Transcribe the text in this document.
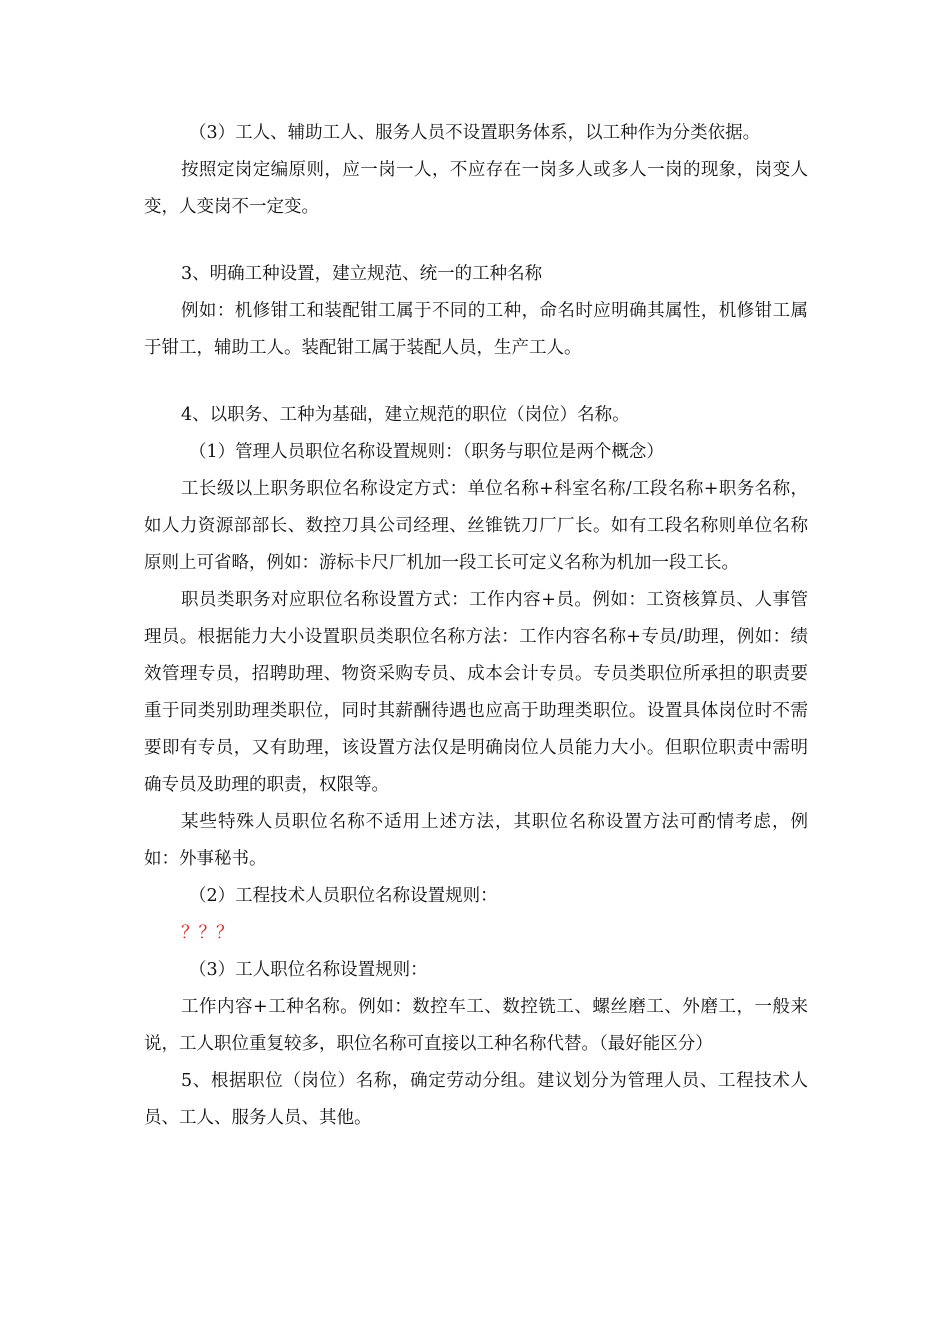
（3）工人、辅助工人、服务人员不设置职务体系，以工种作为分类依据。

按照定岗定编原则，应一岗一人，不应存在一岗多人或多人一岗的现象，岗变人变，人变岗不一定变。

3、明确工种设置，建立规范、统一的工种名称

例如：机修钳工和装配钳工属于不同的工种，命名时应明确其属性，机修钳工属于钳工，辅助工人。装配钳工属于装配人员，生产工人。

4、以职务、工种为基础，建立规范的职位（岗位）名称。

（1）管理人员职位名称设置规则：（职务与职位是两个概念）

工长级以上职务职位名称设定方式：单位名称+科室名称/工段名称+职务名称，如人力资源部部长、数控刀具公司经理、丝锥铣刀厂厂长。如有工段名称则单位名称原则上可省略，例如：游标卡尺厂机加一段工长可定义名称为机加一段工长。

职员类职务对应职位名称设置方式：工作内容+员。例如：工资核算员、人事管理员。根据能力大小设置职员类职位名称方法：工作内容名称+专员/助理，例如：绩效管理专员，招聘助理、物资采购专员、成本会计专员。专员类职位所承担的职责要重于同类别助理类职位，同时其薪酬待遇也应高于助理类职位。设置具体岗位时不需要即有专员，又有助理，该设置方法仅是明确岗位人员能力大小。但职位职责中需明确专员及助理的职责，权限等。

某些特殊人员职位名称不适用上述方法，其职位名称设置方法可酌情考虑，例如：外事秘书。

（2）工程技术人员职位名称设置规则：

？？？

（3）工人职位名称设置规则：

工作内容+工种名称。例如：数控车工、数控铣工、螺丝磨工、外磨工，一般来说，工人职位重复较多，职位名称可直接以工种名称代替。（最好能区分）

5、根据职位（岗位）名称，确定劳动分组。建议划分为管理人员、工程技术人员、工人、服务人员、其他。
